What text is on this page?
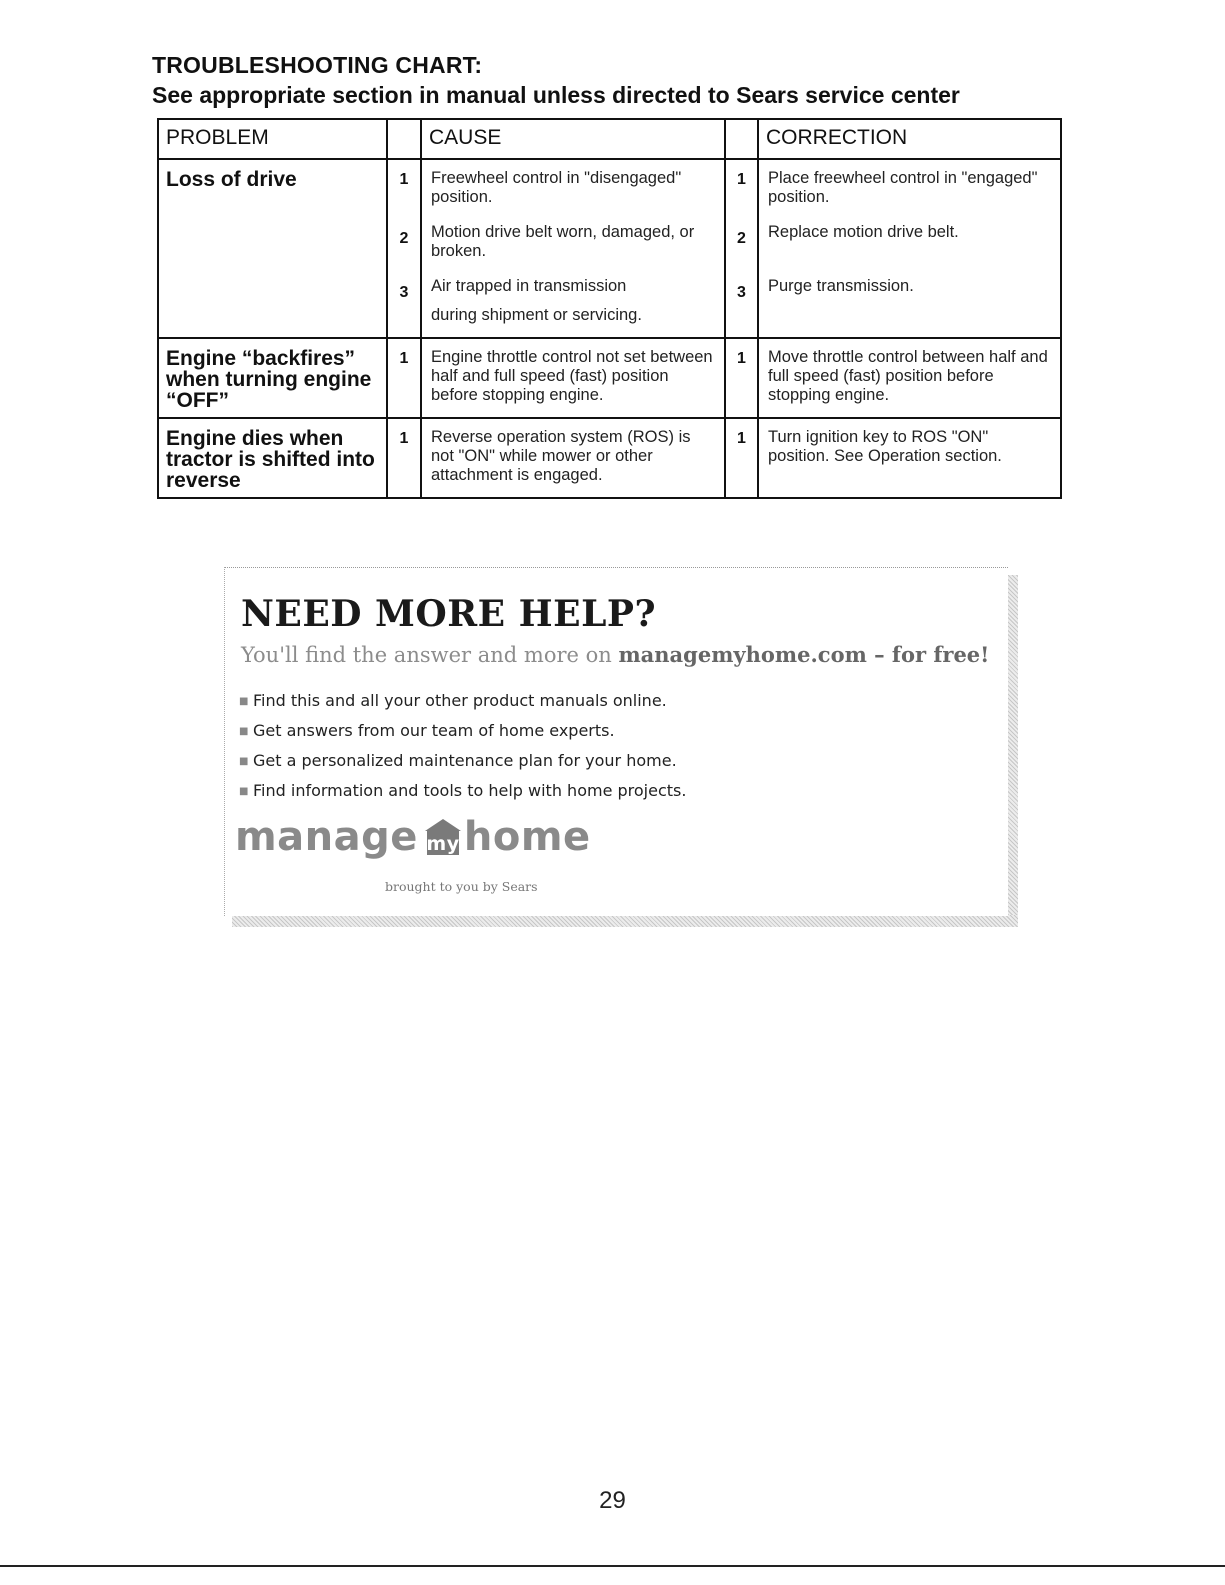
TROUBLESHOOTING CHART:
See appropriate section in manual unless directed to Sears service center
PROBLEM		CAUSE		CORRECTION
Loss of drive	1	Freewheel control in "disengaged" position.	1	Place freewheel control in "engaged" position.
	2	Motion drive belt worn, damaged, or broken.	2	Replace motion drive belt.
	3	Air trapped in transmission	3	Purge transmission.
		during shipment or servicing.		
Engine “backfires” when turning engine “OFF”	1	Engine throttle control not set between half and full speed (fast) position before stopping engine.	1	Move throttle control between half and full speed (fast) position before stopping engine.
Engine dies when tractor is shifted into reverse	1	Reverse operation system (ROS) is not "ON" while mower or other attachment is engaged.	1	Turn ignition key to ROS "ON" position. See Operation section.
NEED MORE HELP?
You'll find the answer and more on managemyhome.com – for free!
■ Find this and all your other product manuals online.
■ Get answers from our team of home experts.
■ Get a personalized maintenance plan for your home.
■ Find information and tools to help with home projects.
manage my home
brought to you by Sears
29
